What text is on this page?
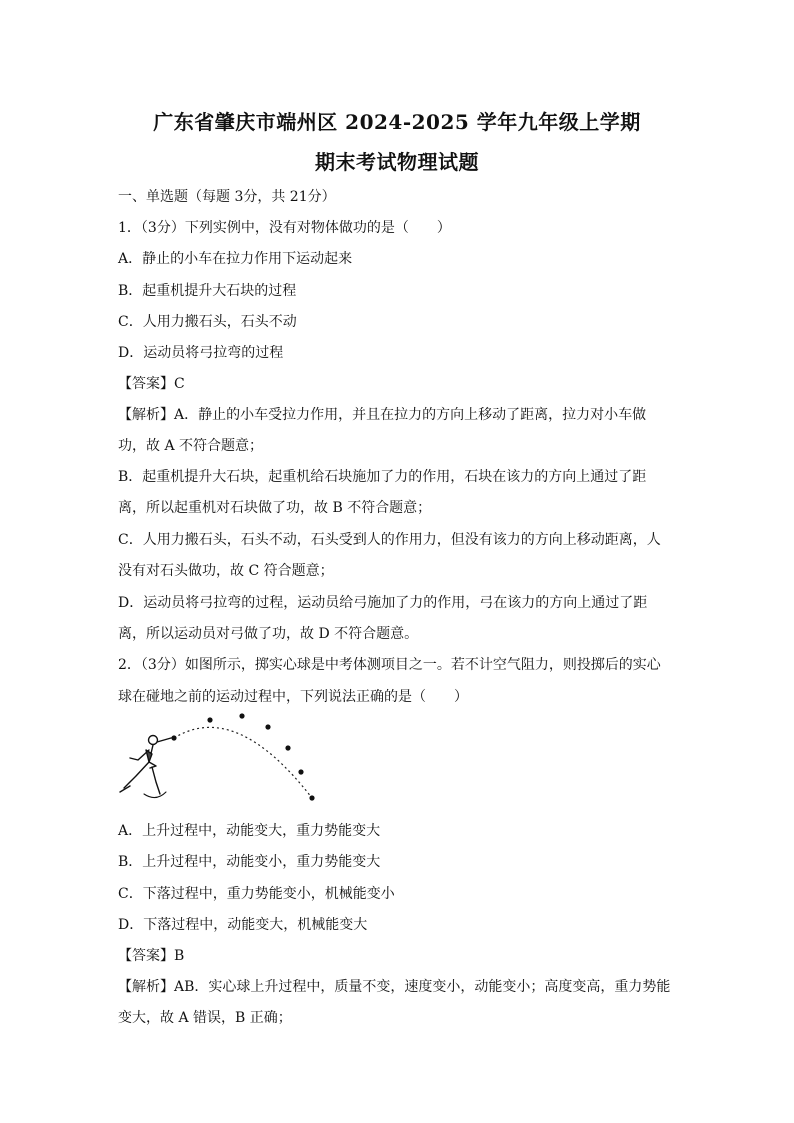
广东省肇庆市端州区 2024-2025 学年九年级上学期
期末考试物理试题
一、单选题（每题 3分，共 21分）
1．（3分）下列实例中，没有对物体做功的是（　　）
A．静止的小车在拉力作用下运动起来
B．起重机提升大石块的过程
C．人用力搬石头，石头不动
D．运动员将弓拉弯的过程
【答案】C
【解析】A．静止的小车受拉力作用，并且在拉力的方向上移动了距离，拉力对小车做
功，故 A 不符合题意；
B．起重机提升大石块，起重机给石块施加了力的作用，石块在该力的方向上通过了距
离，所以起重机对石块做了功，故 B 不符合题意；
C．人用力搬石头，石头不动，石头受到人的作用力，但没有该力的方向上移动距离，人
没有对石头做功，故 C 符合题意；
D．运动员将弓拉弯的过程，运动员给弓施加了力的作用，弓在该力的方向上通过了距
离，所以运动员对弓做了功，故 D 不符合题意。
2．（3分）如图所示，掷实心球是中考体测项目之一。若不计空气阻力，则投掷后的实心
球在碰地之前的运动过程中，下列说法正确的是（　　）
A．上升过程中，动能变大，重力势能变大
B．上升过程中，动能变小，重力势能变大
C．下落过程中，重力势能变小，机械能变小
D．下落过程中，动能变大，机械能变大
【答案】B
【解析】AB．实心球上升过程中，质量不变，速度变小，动能变小；高度变高，重力势能
变大，故 A 错误，B 正确；
